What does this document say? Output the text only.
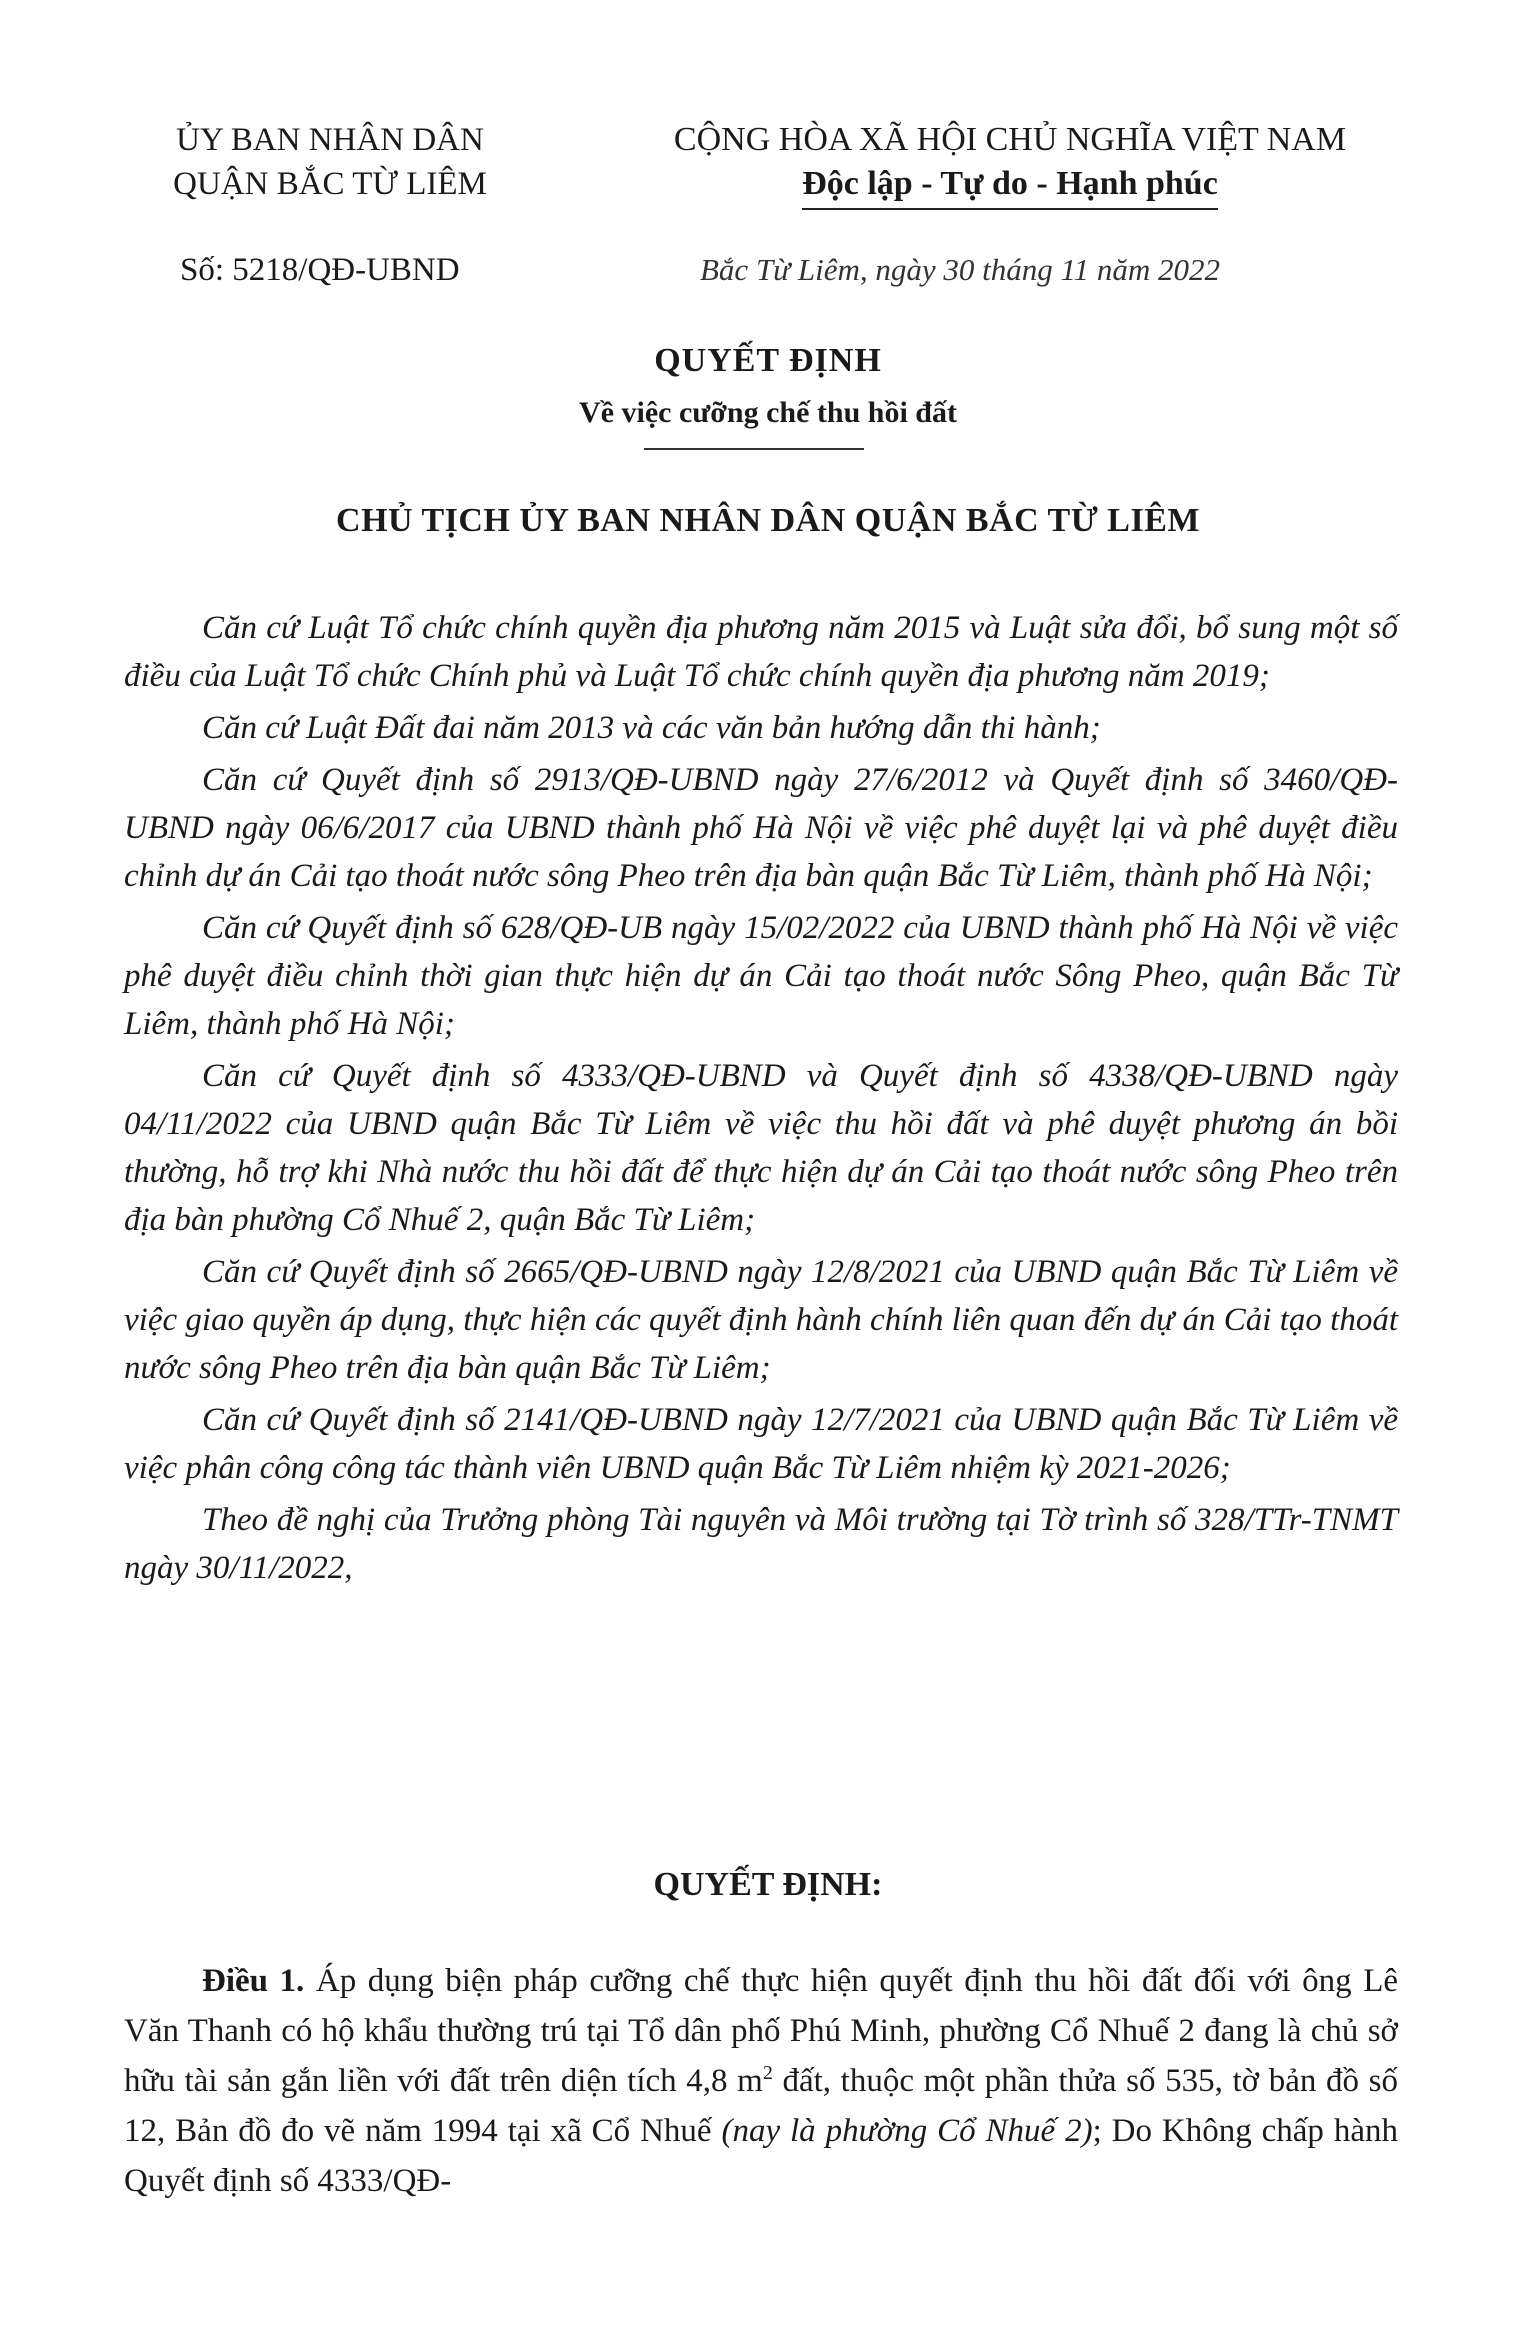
ỦY BAN NHÂN DÂN
QUẬN BẮC TỪ LIÊM
CỘNG HÒA XÃ HỘI CHỦ NGHĨA VIỆT NAM
Độc lập - Tự do - Hạnh phúc
Số: 5218/QĐ-UBND	Bắc Từ Liêm, ngày 30 tháng 11 năm 2022
QUYẾT ĐỊNH
Về việc cưỡng chế thu hồi đất
CHỦ TỊCH ỦY BAN NHÂN DÂN QUẬN BẮC TỪ LIÊM

Căn cứ Luật Tổ chức chính quyền địa phương năm 2015 và Luật sửa đổi, bổ sung một số điều của Luật Tổ chức Chính phủ và Luật Tổ chức chính quyền địa phương năm 2019;

Căn cứ Luật Đất đai năm 2013 và các văn bản hướng dẫn thi hành;

Căn cứ Quyết định số 2913/QĐ-UBND ngày 27/6/2012 và Quyết định số 3460/QĐ-UBND ngày 06/6/2017 của UBND thành phố Hà Nội về việc phê duyệt lại và phê duyệt điều chỉnh dự án Cải tạo thoát nước sông Pheo trên địa bàn quận Bắc Từ Liêm, thành phố Hà Nội;

Căn cứ Quyết định số 628/QĐ-UB ngày 15/02/2022 của UBND thành phố Hà Nội về việc phê duyệt điều chỉnh thời gian thực hiện dự án Cải tạo thoát nước Sông Pheo, quận Bắc Từ Liêm, thành phố Hà Nội;

Căn cứ Quyết định số 4333/QĐ-UBND và Quyết định số 4338/QĐ-UBND ngày 04/11/2022 của UBND quận Bắc Từ Liêm về việc thu hồi đất và phê duyệt phương án bồi thường, hỗ trợ khi Nhà nước thu hồi đất để thực hiện dự án Cải tạo thoát nước sông Pheo trên địa bàn phường Cổ Nhuế 2, quận Bắc Từ Liêm;

Căn cứ Quyết định số 2665/QĐ-UBND ngày 12/8/2021 của UBND quận Bắc Từ Liêm về việc giao quyền áp dụng, thực hiện các quyết định hành chính liên quan đến dự án Cải tạo thoát nước sông Pheo trên địa bàn quận Bắc Từ Liêm;

Căn cứ Quyết định số 2141/QĐ-UBND ngày 12/7/2021 của UBND quận Bắc Từ Liêm về việc phân công công tác thành viên UBND quận Bắc Từ Liêm nhiệm kỳ 2021-2026;

Theo đề nghị của Trưởng phòng Tài nguyên và Môi trường tại Tờ trình số 328/TTr-TNMT ngày 30/11/2022,

QUYẾT ĐỊNH:

Điều 1. Áp dụng biện pháp cưỡng chế thực hiện quyết định thu hồi đất đối với ông Lê Văn Thanh có hộ khẩu thường trú tại Tổ dân phố Phú Minh, phường Cổ Nhuế 2 đang là chủ sở hữu tài sản gắn liền với đất trên diện tích 4,8 $m^2$ đất, thuộc một phần thửa số 535, tờ bản đồ số 12, Bản đồ đo vẽ năm 1994 tại xã Cổ Nhuế (nay là phường Cổ Nhuế 2); Do Không chấp hành Quyết định số 4333/QĐ-
